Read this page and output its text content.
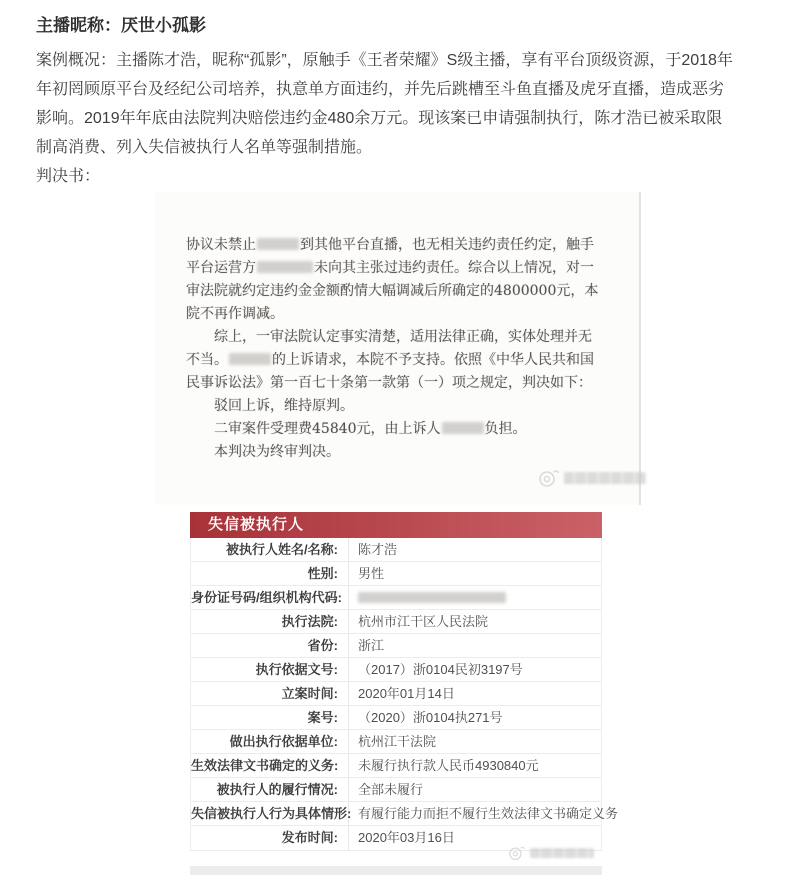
主播昵称：厌世小孤影
案例概况：主播陈才浩，昵称“孤影”，原触手《王者荣耀》S级主播，享有平台顶级资源，于2018年
年初罔顾原平台及经纪公司培养，执意单方面违约，并先后跳槽至斗鱼直播及虎牙直播，造成恶劣
影响。2019年年底由法院判决赔偿违约金480余万元。现该案已申请强制执行，陈才浩已被采取限
制高消费、列入失信被执行人名单等强制措施。
判决书：
协议未禁止	到其他平台直播，也无相关违约责任约定，触手
平台运营方	未向其主张过违约责任。综合以上情况，对一
审法院就约定违约金金额酌情大幅调减后所确定的4800000元，本
院不再作调减。
综上，一审法院认定事实清楚，适用法律正确，实体处理并无
不当。	的上诉请求，本院不予支持。依照《中华人民共和国
民事诉讼法》第一百七十条第一款第（一）项之规定，判决如下：
驳回上诉，维持原判。
二审案件受理费45840元，由上诉人	负担。
本判决为终审判决。
失信被执行人
被执行人姓名/名称:	陈才浩
性别:	男性
身份证号码/组织机构代码:
执行法院:	杭州市江干区人民法院
省份:	浙江
执行依据文号:	（2017）浙0104民初3197号
立案时间:	2020年01月14日
案号:	（2020）浙0104执271号
做出执行依据单位:	杭州江干法院
生效法律文书确定的义务:	未履行执行款人民币4930840元
被执行人的履行情况:	全部未履行
失信被执行人行为具体情形: 有履行能力而拒不履行生效法律文书确定义务
发布时间:	2020年03月16日
